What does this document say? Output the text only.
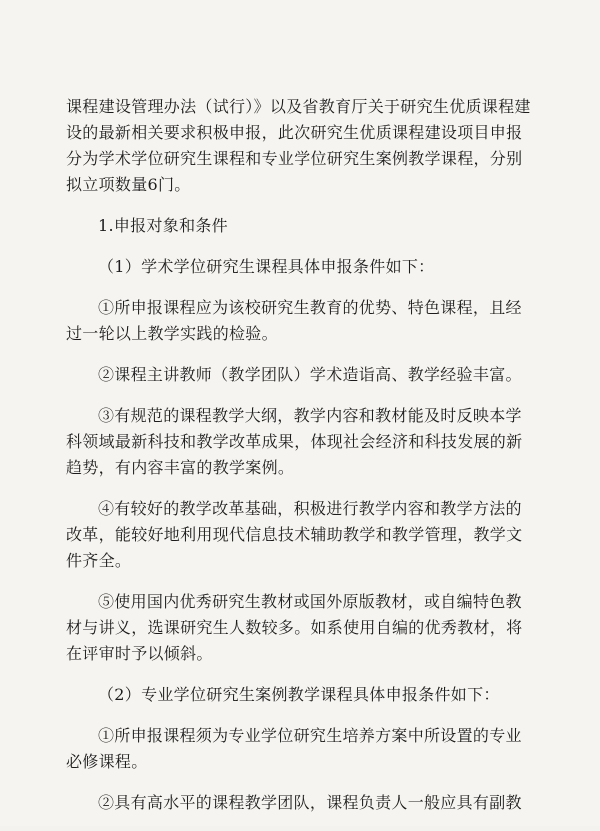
课程建设管理办法（试行）》以及省教育厅关于研究生优质课程建设的最新相关要求积极申报，此次研究生优质课程建设项目申报分为学术学位研究生课程和专业学位研究生案例教学课程，分别拟立项数量6门。

1.申报对象和条件

（1）学术学位研究生课程具体申报条件如下：

①所申报课程应为该校研究生教育的优势、特色课程，且经过一轮以上教学实践的检验。

②课程主讲教师（教学团队）学术造诣高、教学经验丰富。

③有规范的课程教学大纲，教学内容和教材能及时反映本学科领域最新科技和教学改革成果，体现社会经济和科技发展的新趋势，有内容丰富的教学案例。

④有较好的教学改革基础，积极进行教学内容和教学方法的改革，能较好地利用现代信息技术辅助教学和教学管理，教学文件齐全。

⑤使用国内优秀研究生教材或国外原版教材，或自编特色教材与讲义，选课研究生人数较多。如系使用自编的优秀教材，将在评审时予以倾斜。

（2）专业学位研究生案例教学课程具体申报条件如下：

①所申报课程须为专业学位研究生培养方案中所设置的专业必修课程。

②具有高水平的课程教学团队，课程负责人一般应具有副教
